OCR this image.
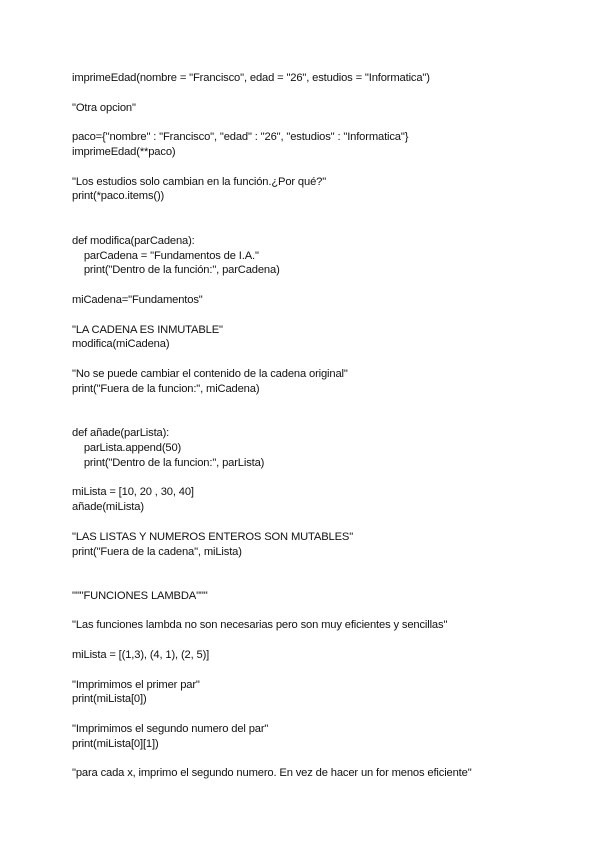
imprimeEdad(nombre = "Francisco", edad = "26", estudios = "Informatica")
"Otra opcion"
paco={"nombre" : "Francisco", "edad" : "26", "estudios" : "Informatica"}
imprimeEdad(**paco)
"Los estudios solo cambian en la función.¿Por qué?"
print(*paco.items())
def modifica(parCadena):
parCadena = "Fundamentos de I.A."
print("Dentro de la función:", parCadena)
miCadena="Fundamentos"
"LA CADENA ES INMUTABLE"
modifica(miCadena)
"No se puede cambiar el contenido de la cadena original"
print("Fuera de la funcion:", miCadena)
def añade(parLista):
parLista.append(50)
print("Dentro de la funcion:", parLista)
miLista = [10, 20 , 30, 40]
añade(miLista)
"LAS LISTAS Y NUMEROS ENTEROS SON MUTABLES"
print("Fuera de la cadena", miLista)
"""FUNCIONES LAMBDA"""
"Las funciones lambda no son necesarias pero son muy eficientes y sencillas"
miLista = [(1,3), (4, 1), (2, 5)]
"Imprimimos el primer par"
print(miLista[0])
"Imprimimos el segundo numero del par"
print(miLista[0][1])
"para cada x, imprimo el segundo numero. En vez de hacer un for menos eficiente"
